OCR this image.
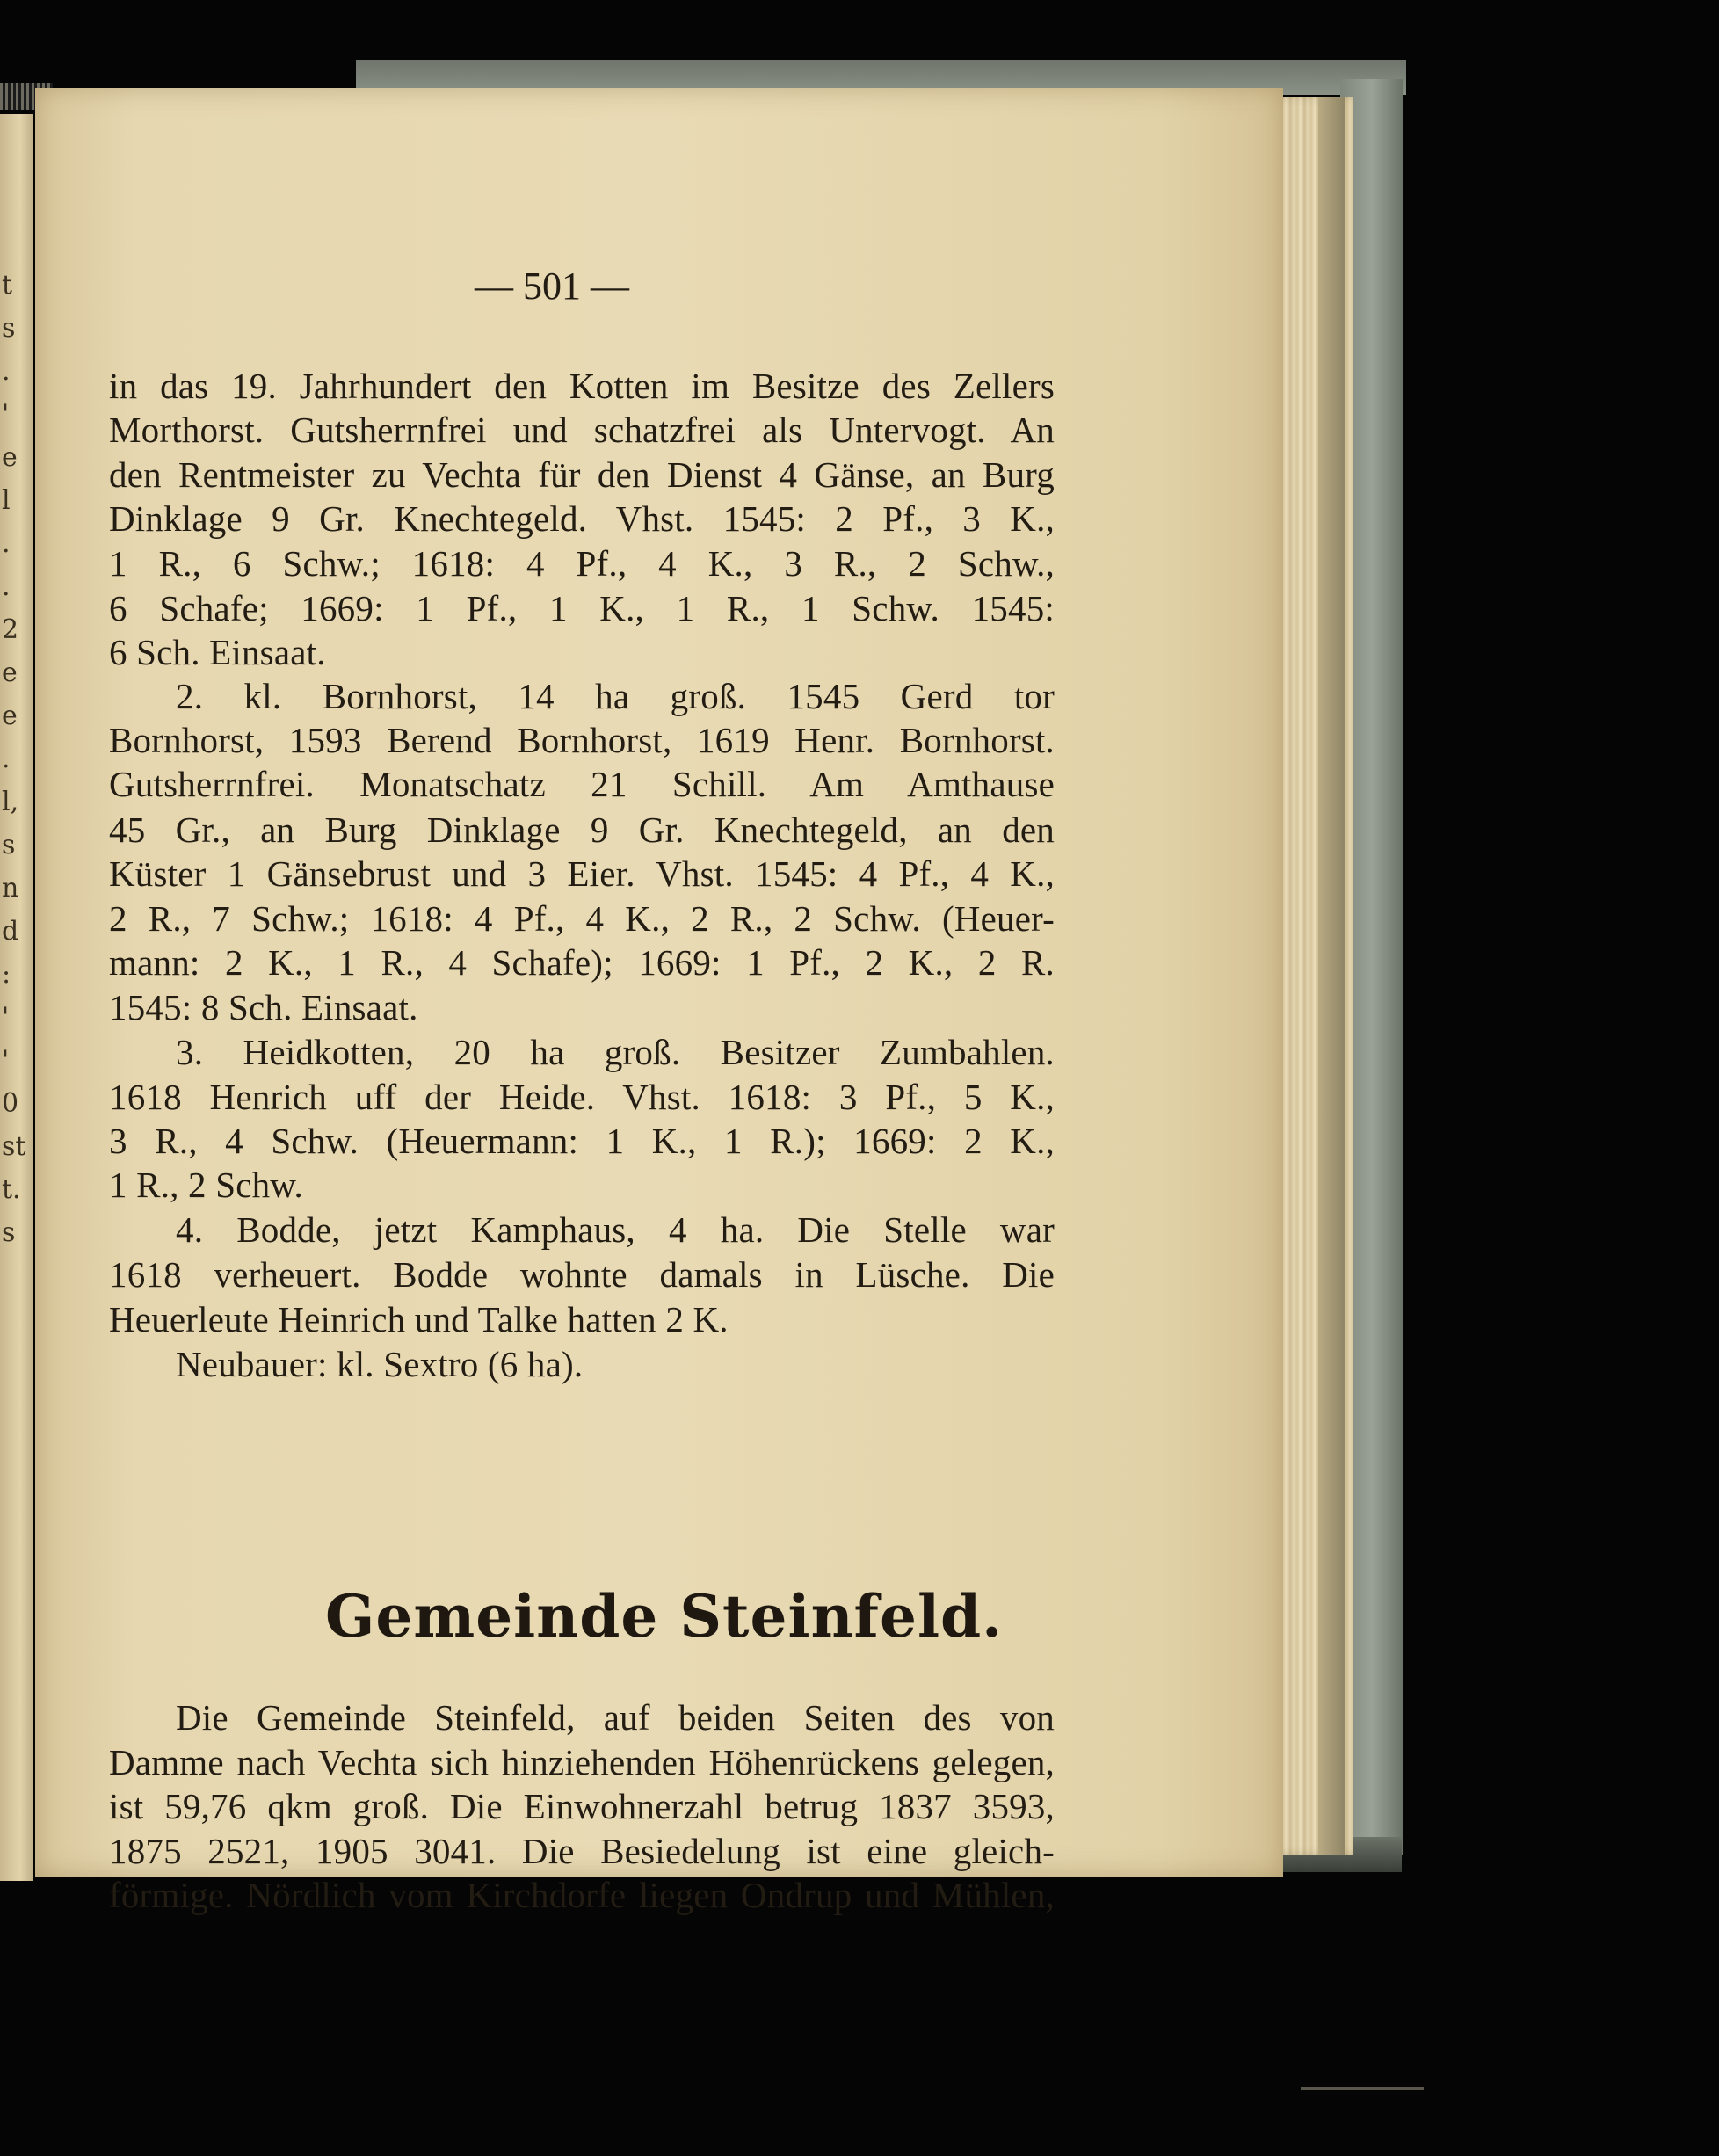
t
s
.
'
e
l
.
.
2
e
e
.
l,
s
n
d
:
'
'
0
st
t.
s
— 501 —
in das 19. Jahrhundert den Kotten im Besitze des Zellers
Morthorst. Gutsherrnfrei und schatzfrei als Untervogt. An
den Rentmeister zu Vechta für den Dienst 4 Gänse, an Burg
Dinklage 9 Gr. Knechtegeld. Vhst. 1545: 2 Pf., 3 K.,
1 R., 6 Schw.; 1618: 4 Pf., 4 K., 3 R., 2 Schw.,
6 Schafe; 1669: 1 Pf., 1 K., 1 R., 1 Schw. 1545:
6 Sch. Einsaat.
2. kl. Bornhorst, 14 ha groß. 1545 Gerd tor
Bornhorst, 1593 Berend Bornhorst, 1619 Henr. Bornhorst.
Gutsherrnfrei. Monatschatz 21 Schill. Am Amthause
45 Gr., an Burg Dinklage 9 Gr. Knechtegeld, an den
Küster 1 Gänsebrust und 3 Eier. Vhst. 1545: 4 Pf., 4 K.,
2 R., 7 Schw.; 1618: 4 Pf., 4 K., 2 R., 2 Schw. (Heuer-
mann: 2 K., 1 R., 4 Schafe); 1669: 1 Pf., 2 K., 2 R.
1545: 8 Sch. Einsaat.
3. Heidkotten, 20 ha groß. Besitzer Zumbahlen.
1618 Henrich uff der Heide. Vhst. 1618: 3 Pf., 5 K.,
3 R., 4 Schw. (Heuermann: 1 K., 1 R.); 1669: 2 K.,
1 R., 2 Schw.
4. Bodde, jetzt Kamphaus, 4 ha. Die Stelle war
1618 verheuert. Bodde wohnte damals in Lüsche. Die
Heuerleute Heinrich und Talke hatten 2 K.
Neubauer: kl. Sextro (6 ha).
Gemeinde Steinfeld.
Die Gemeinde Steinfeld, auf beiden Seiten des von
Damme nach Vechta sich hinziehenden Höhenrückens gelegen,
ist 59,76 qkm groß. Die Einwohnerzahl betrug 1837 3593,
1875 2521, 1905 3041. Die Besiedelung ist eine gleich-
förmige. Nördlich vom Kirchdorfe liegen Ondrup und Mühlen,
